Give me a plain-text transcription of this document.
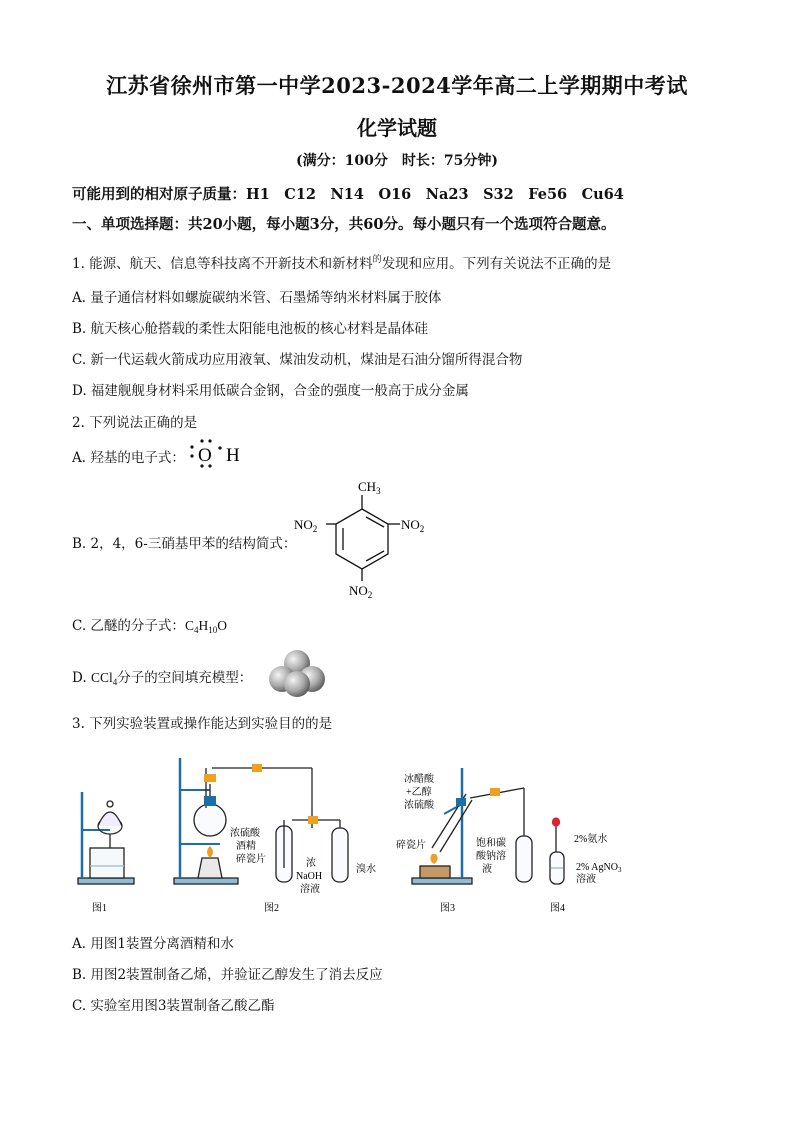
江苏省徐州市第一中学2023-2024学年高二上学期期中考试
化学试题
(满分：100分　时长：75分钟)
可能用到的相对原子质量：H1　C12　N14　O16　Na23　S32　Fe56　Cu64
一、单项选择题：共20小题，每小题3分，共60分。每小题只有一个选项符合题意。
1. 能源、航天、信息等科技离不开新技术和新材料$^的$发现和应用。下列有关说法不正确的是
A. 量子通信材料如螺旋碳纳米管、石墨烯等纳米材料属于胶体
B. 航天核心舱搭载的柔性太阳能电池板的核心材料是晶体硅
C. 新一代运载火箭成功应用液氧、煤油发动机，煤油是石油分馏所得混合物
D. 福建舰舰身材料采用低碳合金钢，合金的强度一般高于成分金属
2. 下列说法正确的是
A. 羟基的电子式： O H
B. 2，4，6-三硝基甲苯的结构简式：
$CH_3$
$NO_2$	$NO_2$
$NO_2$
C. 乙醚的分子式：$C_4H_{10}O$
D. CCl$_4$分子的空间填充模型：
3. 下列实验装置或操作能达到实验目的的是
浓硫酸
酒精
碎瓷片	浓
NaOH
溶液
溴水
冰醋酸
+乙醇
浓硫酸
碎瓷片	饱和碳
酸钠溶
液
2%氨水
2% AgNO$_3$
溶液
图1	图2	图3	图4
A. 用图1装置分离酒精和水
B. 用图2装置制备乙烯，并验证乙醇发生了消去反应
C. 实验室用图3装置制备乙酸乙酯
